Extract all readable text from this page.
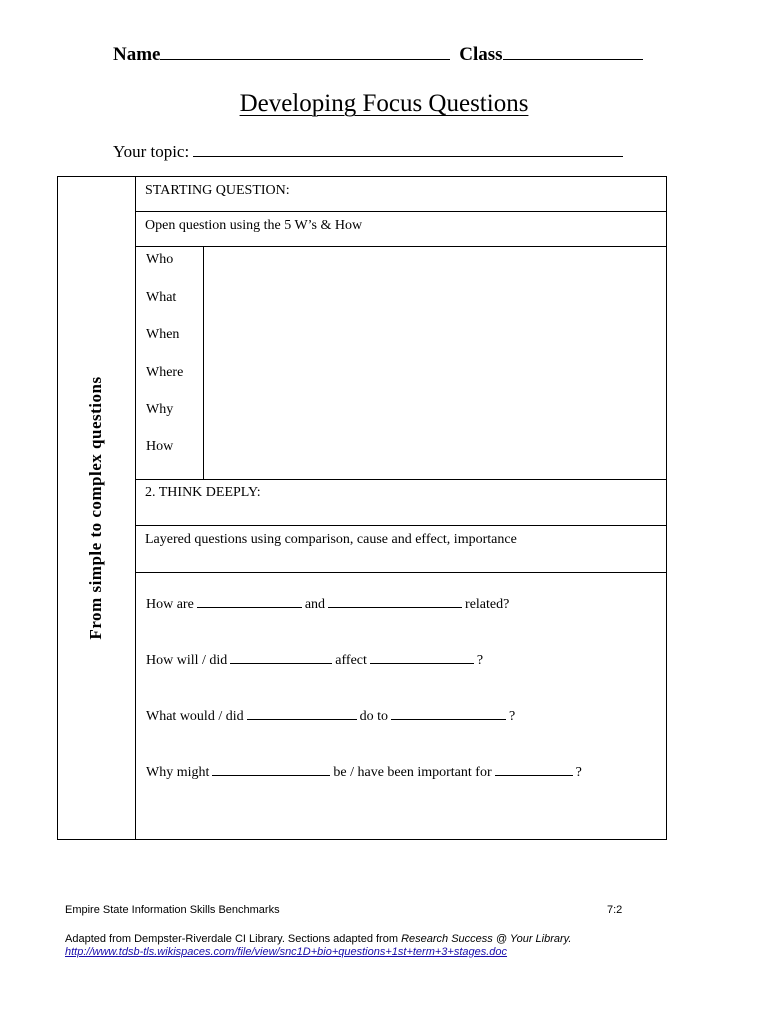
Name	Class
Developing Focus Questions
Your topic:
From simple to complex questions
STARTING QUESTION:
Open question using the 5 W’s & How
Who
What
When
Where
Why
How
2. THINK DEEPLY:
Layered questions using comparison, cause and effect, importance
How are	and	related?
How will / did	affect	?
What would / did	do to	?
Why might	be / have been important for	?
Empire State Information Skills Benchmarks	7:2
Adapted from Dempster-Riverdale CI Library. Sections adapted from Research Success @ Your Library.
http://www.tdsb-tls.wikispaces.com/file/view/snc1D+bio+questions+1st+term+3+stages.doc
